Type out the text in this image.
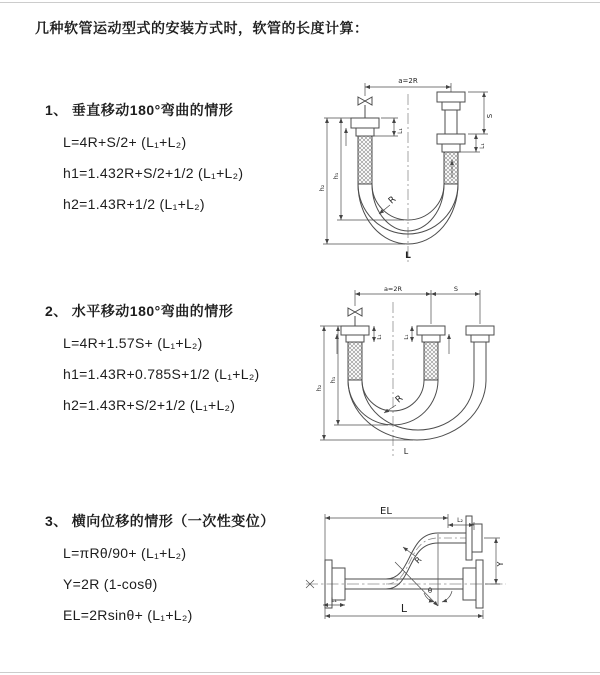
几种软管运动型式的安装方式时，软管的长度计算：
1、 垂直移动180°弯曲的情形

L=4R+S/2+ (L₁+L₂)

h1=1.432R+S/2+1/2 (L₁+L₂)

h2=1.43R+1/2 (L₁+L₂)

a=2R
L₁
h₁
h₂
S
L₁
R
L
2、 水平移动180°弯曲的情形

L=4R+1.57S+ (L₁+L₂)

h1=1.43R+0.785S+1/2 (L₁+L₂)

h2=1.43R+S/2+1/2 (L₁+L₂)

a=2R	S
L₁	L₁
h₁
h₂
R
L
3、 横向位移的情形（一次性变位）

L=πRθ/90+ (L₁+L₂)

Y=2R (1-cosθ)

EL=2Rsinθ+ (L₁+L₂)

EL
L₂
Y
L
L₁
R
θ
